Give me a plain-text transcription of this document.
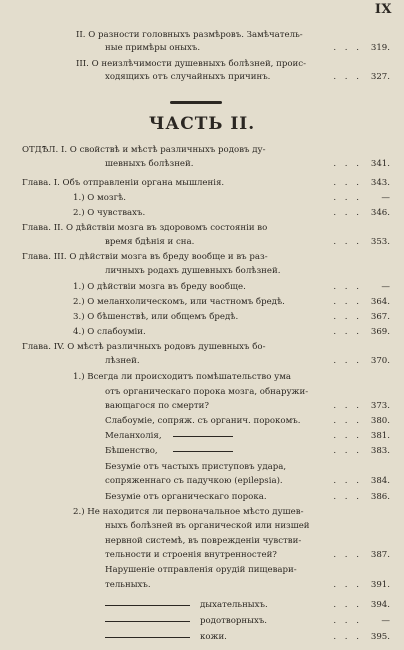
IX
ЧАСТЬ II.
II. О разности головныхъ размѣровъ. Замѣчатель-
ные примѣры оныхъ.	319.
. . .
III. О неизлѣчимости душевныхъ болѣзней, проис-
ходящихъ отъ случайныхъ причинъ.	327.
. . .
ОТДѢЛ. I. О свойствѣ и мѣстѣ различныхъ родовъ ду-
шевныхъ болѣзней.	341.
. . .
Глава. I. Объ отправленіи органа мышленія.	343.
. . .
1.) О мозгѣ.	—
. . .
2.) О чувствахъ.	346.
. . .
Глава. II. О дѣйствіи мозга въ здоровомъ состояніи во
время бдѣнія и сна.	353.
. . .
Глава. III. О дѣйствіи мозга въ бреду вообще и въ раз-
личныхъ родахъ душевныхъ болѣзней.
1.) О дѣйствіи мозга въ бреду вообще.	—
. . .
2.) О меланхолическомъ, или частномъ бредѣ.	364.
. . .
3.) О бѣшенствѣ, или общемъ бредѣ.	367.
. . .
4.) О слабоуміи.	369.
. . .
Глава. IV. О мѣстѣ различныхъ родовъ душевныхъ бо-
лѣзней.	370.
. . .
1.) Всегда ли происходитъ помѣшательство ума
отъ органическаго порока мозга, обнаружи-
вающагося по смерти?	373.
. . .
Слабоуміе, сопряж. съ органич. порокомъ.	380.
. . .
Меланхолія,	381.
. . .
Бѣшенство,	383.
. . .
Безуміе отъ частыхъ приступовъ удара,
сопряженнаго съ падучкою (epilepsia).	384.
. . .
Безуміе отъ органическаго порока.	386.
. . .
2.) Не находится ли первоначальное мѣсто душев-
ныхъ болѣзней въ органической или низшей
нервной системѣ, въ поврежденіи чувстви-
тельности и строенія внутренностей?	387.
. . .
Нарушеніе отправленія орудій пищевари-
тельныхъ.	391.
. . .
дыхательныхъ.	394.
. . .
родотворныхъ.	—
. . .
кожи.	395.
. . .
